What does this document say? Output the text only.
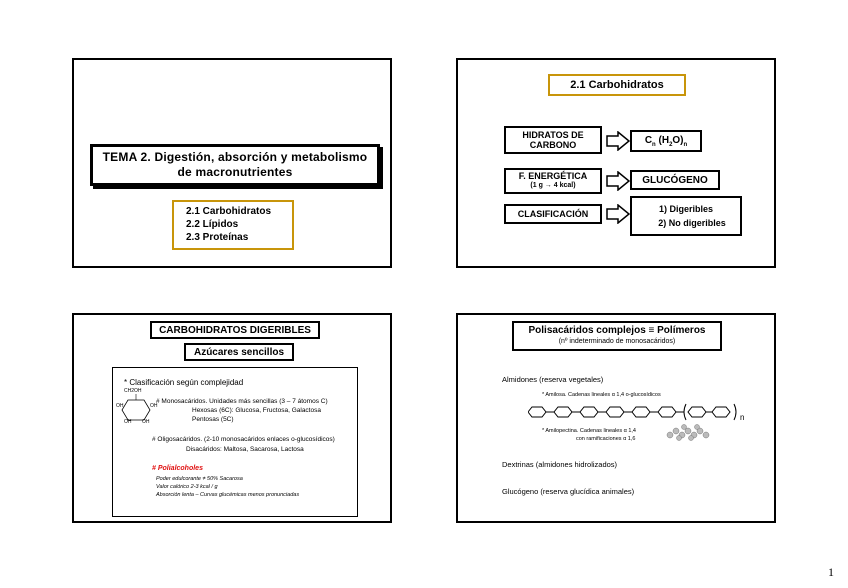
TEMA 2. Digestión, absorción y metabolismo
de macronutrientes
2.1 Carbohidratos
2.2 Lípidos
2.3 Proteínas
2.1 Carbohidratos
HIDRATOS DE
CARBONO	$C_n$ $(H_2O)_n$
F. ENERGÉTICA
(1 g → 4 kcal)	GLUCÓGENO
CLASIFICACIÓN	1) Digeribles
2) No digeribles
CARBOHIDRATOS DIGERIBLES
Azúcares sencillos
* Clasificación según complejidad
CH2OH
OH	OH
OH OH
# Monosacáridos. Unidades más sencillas (3 – 7 átomos C)
Hexosas (6C): Glucosa, Fructosa, Galactosa
Pentosas (5C)
# Oligosacáridos. (2-10 monosacáridos enlaces o-glucosídicos)
Disacáridos: Maltosa, Sacarosa, Lactosa
# Polialcoholes
Poder edulcorante ≠ 50% Sacarosa
Valor calórico 2-3 kcal / g
Absorción lenta – Curvas glucémicas menos pronunciadas
Polisacáridos complejos ≡ Polímeros
(nº indeterminado de monosacáridos)
Almidones (reserva vegetales)
* Amilosa. Cadenas lineales α 1,4 o-glucosídicos
n
* Amilopectina. Cadenas lineales α 1,4
con ramificaciones α 1,6
Dextrinas (almidones hidrolizados)
Glucógeno (reserva glucídica animales)
1
